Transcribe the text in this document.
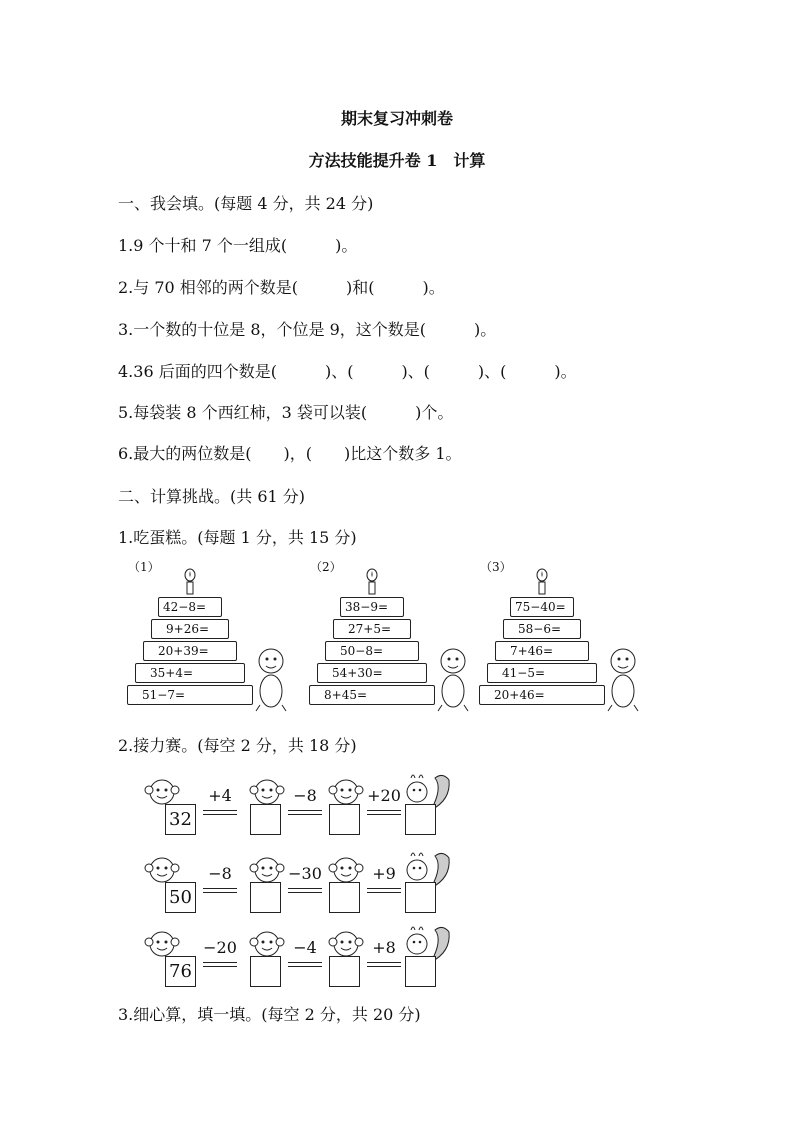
期末复习冲刺卷
方法技能提升卷 1　计算
一、我会填。(每题 4 分，共 24 分)
1.9 个十和 7 个一组成(　　　)。
2.与 70 相邻的两个数是(　　　)和(　　　)。
3.一个数的十位是 8，个位是 9，这个数是(　　　)。
4.36 后面的四个数是(　　　)、(　　　)、(　　　)、(　　　)。
5.每袋装 8 个西红柿，3 袋可以装(　　　)个。
6.最大的两位数是(　　)，(　　)比这个数多 1。
二、计算挑战。(共 61 分)
1.吃蛋糕。(每题 1 分，共 15 分)
（1）
42−8=
9+26=
20+39=
35+4=
51−7=
（2）
38−9=
27+5=
50−8=
54+30=
8+45=
（3）
75−40=
58−6=
7+46=
41−5=
20+46=
2.接力赛。(每空 2 分，共 18 分)
32
+4	−8	+20
50
−8	−30	+9
76
−20	−4	+8
3.细心算，填一填。(每空 2 分，共 20 分)
